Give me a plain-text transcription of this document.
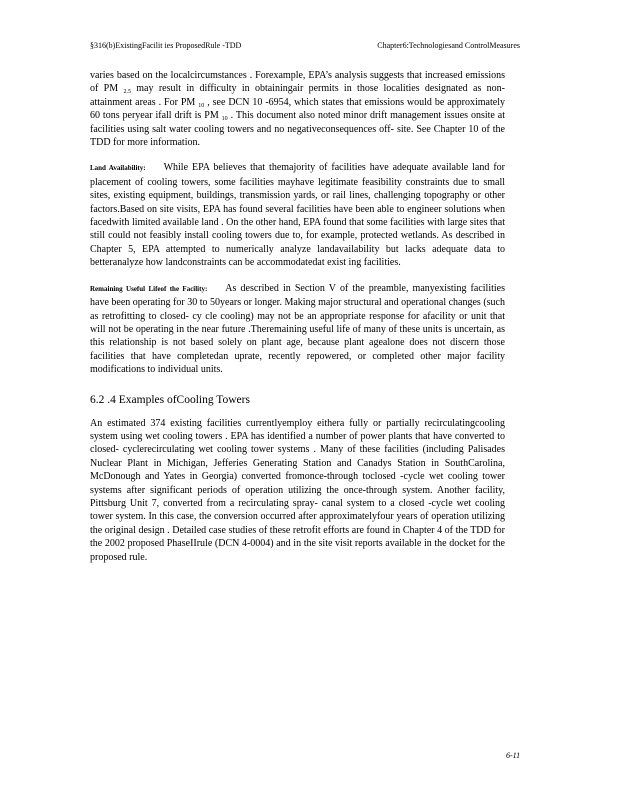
§316(b)ExistingFacilit ies ProposedRule -TDD	Chapter6:Technologiesand ControlMeasures

varies based on the localcircumstances . Forexample, EPA’s analysis suggests that increased emissions of PM $_{2.5}$ may result in difficulty in obtainingair permits in those localities designated as non- attainment areas . For PM $_{10}$ , see DCN 10 -6954, which states that emissions would be approximately 60 tons peryear ifall drift is PM $_{10}$ . This document also noted minor drift management issues onsite at facilities using salt water cooling towers and no negativeconsequences off- site. See Chapter 10 of the TDD for more information.

Land Availability: While EPA believes that themajority of facilities have adequate available land for placement of cooling towers, some facilities mayhave legitimate feasibility constraints due to small sites, existing equipment, buildings, transmission yards, or rail lines, challenging topography or other factors.Based on site visits, EPA has found several facilities have been able to engineer solutions when facedwith limited available land . On the other hand, EPA found that some facilities with large sites that still could not feasibly install cooling towers due to, for example, protected wetlands. As described in Chapter 5, EPA attempted to numerically analyze landavailability but lacks adequate data to betteranalyze how landconstraints can be accommodatedat exist ing facilities.

Remaining Useful Lifeof the Facility: As described in Section V of the preamble, manyexisting facilities have been operating for 30 to 50years or longer. Making major structural and operational changes (such as retrofitting to closed- cy cle cooling) may not be an appropriate response for afacility or unit that will not be operating in the near future .Theremaining useful life of many of these units is uncertain, as this relationship is not based solely on plant age, because plant agealone does not discern those facilities that have completedan uprate, recently repowered, or completed other major facility modifications to individual units.

6.2 .4 Examples ofCooling Towers

An estimated 374 existing facilities currentlyemploy eithera fully or partially recirculatingcooling system using wet cooling towers . EPA has identified a number of power plants that have converted to closed- cyclerecirculating wet cooling tower systems . Many of these facilities (including Palisades Nuclear Plant in Michigan, Jefferies Generating Station and Canadys Station in SouthCarolina, McDonough and Yates in Georgia) converted fromonce-through toclosed -cycle wet cooling tower systems after significant periods of operation utilizing the once-through system. Another facility, Pittsburg Unit 7, converted from a recirculating spray- canal system to a closed -cycle wet cooling tower system. In this case, the conversion occurred after approximatelyfour years of operation utilizing the original design . Detailed case studies of these retrofit efforts are found in Chapter 4 of the TDD for the 2002 proposed PhaseIIrule (DCN 4-0004) and in the site visit reports available in the docket for the proposed rule.

6-11
